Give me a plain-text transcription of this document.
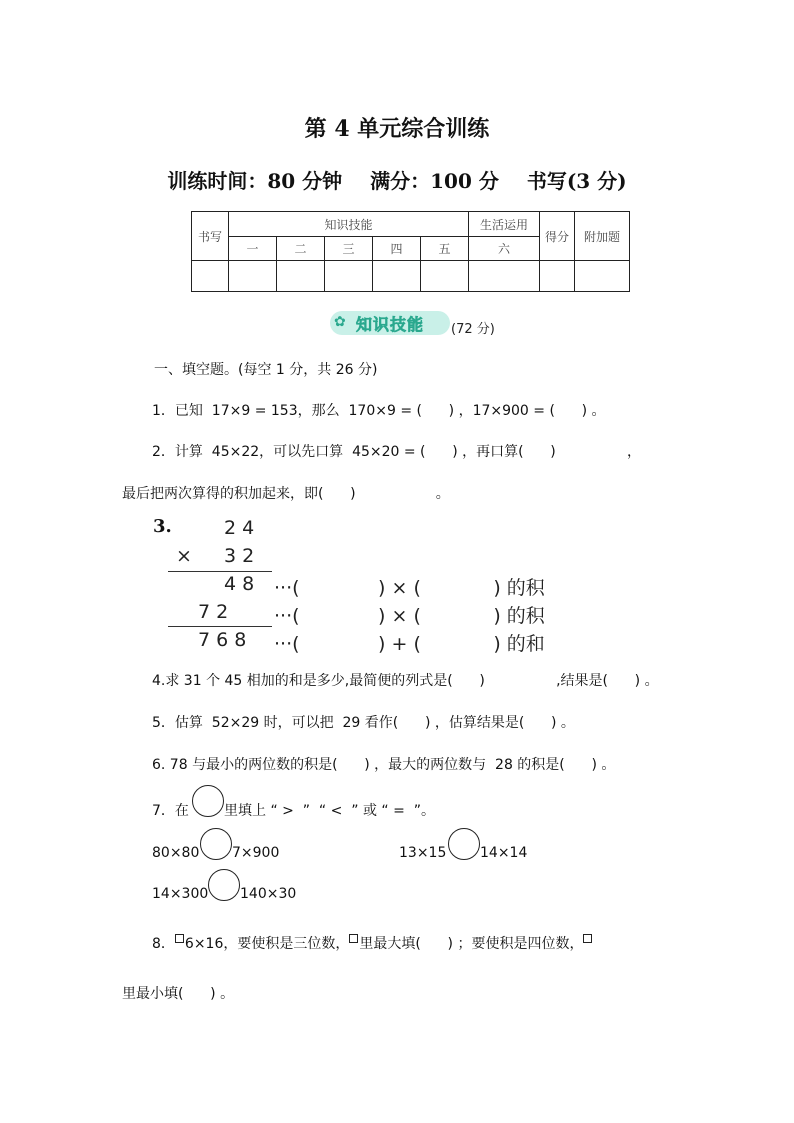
第 4 单元综合训练
训练时间：80 分钟 满分：100 分 书写(3 分)
书写	知识技能					生活运用	得分	附加题
	一	二	三	四	五	六		

✿

知识技能 (72 分)
一、填空题。(每空 1 分，共 26 分)
1．已知  17×9 = 153，那么  170×9 = (      ) ，17×900 = (      ) 。
2．计算  45×22，可以先口算  45×20 = (      ) ，再口算(      )                ，
最后把两次算得的积加起来，即(      )                  。
3.	2 4
× 3 2
4 8 ···(             ) × (            ) 的积
7 2 ···(             ) × (            ) 的积
7 6 8 ···(             ) + (            ) 的和
4.求 31 个 45 相加的和是多少,最简便的列式是(      )                ,结果是(      ) 。
5．估算  52×29 时，可以把  29 看作(      ) ，估算结果是(      ) 。
6. 78 与最小的两位数的积是(      ) ，最大的两位数与  28 的积是(      ) 。
7．在	里填上 “ >  ”  “ <  ” 或 “ =  ”。
80×80 7×900	13×15 14×14
14×300 140×30
8． 6×16，要使积是三位数， 里最大填(      ) ；要使积是四位数，
里最小填(      ) 。
